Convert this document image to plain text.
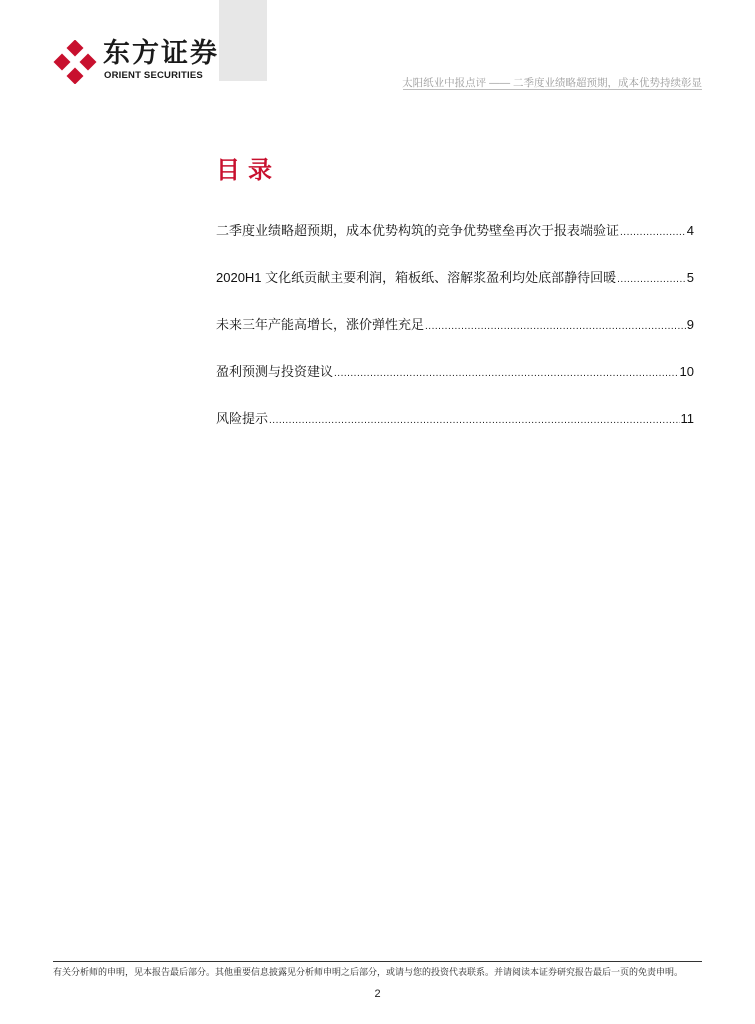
东方证券
ORIENT SECURITIES
太阳纸业中报点评 —— 二季度业绩略超预期，成本优势持续彰显
目录
二季度业绩略超预期，成本优势构筑的竞争优势壁垒再次于报表端验证 .....	4
2020H1 文化纸贡献主要利润，箱板纸、溶解浆盈利均处底部静待回暖 .....	5
未来三年产能高增长，涨价弹性充足 .....	9
盈利预测与投资建议 .....	10
风险提示 .....	11
有关分析师的申明，见本报告最后部分。其他重要信息披露见分析师申明之后部分，或请与您的投资代表联系。并请阅读本证券研究报告最后一页的免责申明。
2
